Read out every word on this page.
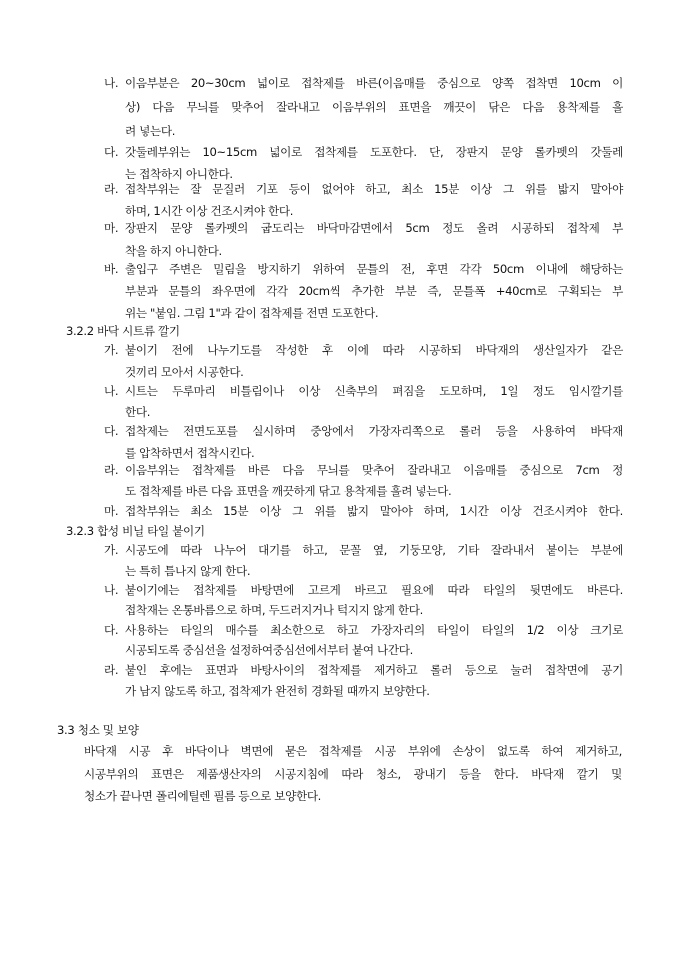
나. 이음부분은 20~30cm 넓이로 접착제를 바른(이음매를 중심으로 양쪽 접착면 10cm 이
상) 다음 무늬를 맞추어 잘라내고 이음부위의 표면을 깨끗이 닦은 다음 용착제를 흘
려 넣는다.
다. 갓둘레부위는 10~15cm 넓이로 접착제를 도포한다. 단, 장판지 문양 롤카펫의 갓둘레
는 접착하지 아니한다.
라. 접착부위는 잘 문질러 기포 등이 없어야 하고, 최소 15분 이상 그 위를 밟지 말아야
하며, 1시간 이상 건조시켜야 한다.
마. 장판지 문양 롤카펫의 굽도리는 바닥마감면에서 5cm 정도 올려 시공하되 접착제 부
착을 하지 아니한다.
바. 출입구 주변은 밀림을 방지하기 위하여 문틀의 전, 후면 각각 50cm 이내에 해당하는
부분과 문틀의 좌우면에 각각 20cm씩 추가한 부분 즉, 문틀폭 +40cm로 구획되는 부
위는 "붙임. 그림 1"과 같이 접착제를 전면 도포한다.
3.2.2 바닥 시트류 깔기
가. 붙이기 전에 나누기도를 작성한 후 이에 따라 시공하되 바닥재의 생산일자가 같은
것끼리 모아서 시공한다.
나. 시트는 두루마리 비틀림이나 이상 신축부의 펴짐을 도모하며, 1일 정도 임시깔기를
한다.
다. 접착제는 전면도포를 실시하며 중앙에서 가장자리쪽으로 롤러 등을 사용하여 바닥재
를 압착하면서 접착시킨다.
라. 이음부위는 접착제를 바른 다음 무늬를 맞추어 잘라내고 이음매를 중심으로 7cm 정
도 접착제를 바른 다음 표면을 깨끗하게 닦고 용착제를 흘려 넣는다.
마. 접착부위는 최소 15분 이상 그 위를 밟지 말아야 하며, 1시간 이상 건조시켜야 한다.
3.2.3 합성 비닐 타일 붙이기
가. 시공도에 따라 나누어 대기를 하고, 문꼴 옆, 기둥모양, 기타 잘라내서 붙이는 부분에
는 특히 틈나지 않게 한다.
나. 붙이기에는 접착제를 바탕면에 고르게 바르고 필요에 따라 타일의 뒷면에도 바른다.
접착재는 온통바름으로 하며, 두드러지거나 턱지지 않게 한다.
다. 사용하는 타일의 매수를 최소한으로 하고 가장자리의 타일이 타일의 1/2 이상 크기로
시공되도록 중심선을 설정하여중심선에서부터 붙여 나간다.
라. 붙인 후에는 표면과 바탕사이의 접착제를 제거하고 롤러 등으로 눌러 접착면에 공기
가 남지 않도록 하고, 접착제가 완전히 경화될 때까지 보양한다.
3.3 청소 및 보양
바닥재 시공 후 바닥이나 벽면에 묻은 접착제를 시공 부위에 손상이 없도록 하여 제거하고,
시공부위의 표면은 제품생산자의 시공지침에 따라 청소, 광내기 등을 한다. 바닥재 깔기 및
청소가 끝나면 폴리에틸렌 필름 등으로 보양한다.
